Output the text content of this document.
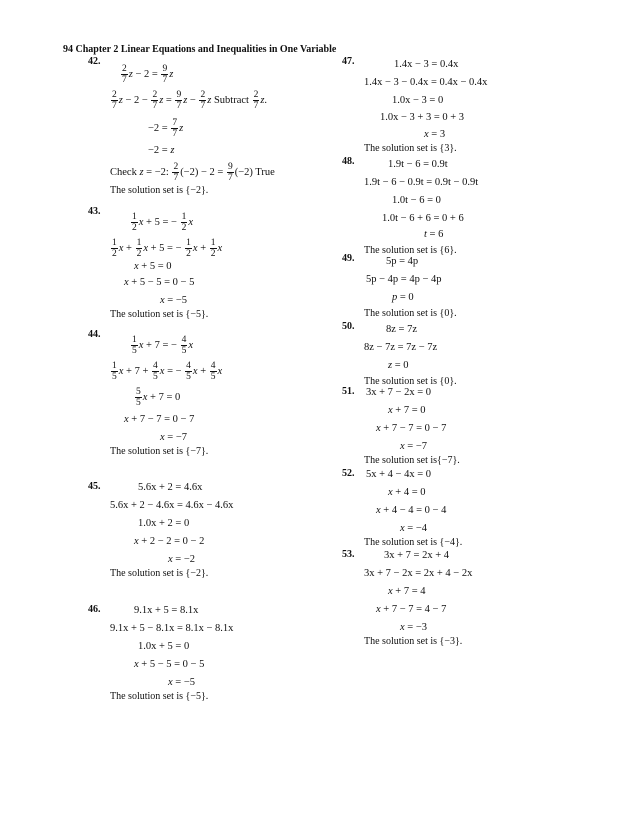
94 Chapter 2 Linear Equations and Inequalities in One Variable
42.
$\frac{2}{7}$ $z - 2 = \frac{9}{7}$ z
$\frac{2}{7}$ $z - 2 - \frac{2}{7}$ $z = \frac{9}{7}$ $z - \frac{2}{7}$ z Subtract $\frac{2}{7} z$.
$-2 = \frac{7}{7}$ z
−2 = z
Check z = −2: $\frac{2}{7} (-2) - 2 = \frac{9}{7} (-2)$ True
The solution set is {−2}.
43.
$\frac{1}{2}$ x + 5 = − $\frac{1}{2}$ x
$\frac{1}{2}$ $x + \frac{1}{2}$ x + 5 = − $\frac{1}{2}$ $x + \frac{1}{2}$ x
x + 5 = 0
x + 5 − 5 = 0 − 5
x = −5
The solution set is {−5}.
44.
$\frac{1}{5}$ x + 7 = − $\frac{4}{5}$ x
$\frac{1}{5}$ $x + 7 + \frac{4}{5}$ x = − $\frac{4}{5}$ $x + \frac{4}{5}$ x
$\frac{5}{5}$ x + 7 = 0
x + 7 − 7 = 0 − 7
x = −7
The solution set is {−7}.
45.	5.6x + 2 = 4.6x
5.6x + 2 − 4.6x = 4.6x − 4.6x
1.0x + 2 = 0
x + 2 − 2 = 0 − 2
x = −2
The solution set is {−2}.
46.	9.1x + 5 = 8.1x
9.1x + 5 − 8.1x = 8.1x − 8.1x
1.0x + 5 = 0
x + 5 − 5 = 0 − 5
x = −5
The solution set is {−5}.
47.	1.4x − 3 = 0.4x
1.4x − 3 − 0.4x = 0.4x − 0.4x
1.0x − 3 = 0
1.0x − 3 + 3 = 0 + 3
x = 3
The solution set is {3}.
48.	1.9t − 6 = 0.9t
1.9t − 6 − 0.9t = 0.9t − 0.9t
1.0t − 6 = 0
1.0t − 6 + 6 = 0 + 6
t = 6
The solution set is {6}.
49.	5p = 4p
5p − 4p = 4p − 4p
p = 0
The solution set is {0}.
50.	8z = 7z
8z − 7z = 7z − 7z
z = 0
The solution set is {0}.
51. 3x + 7 − 2x = 0
x + 7 = 0
x + 7 − 7 = 0 − 7
x = −7
The solution set is{−7}.
52. 5x + 4 − 4x = 0
x + 4 = 0
x + 4 − 4 = 0 − 4
x = −4
The solution set is {−4}.
53.	3x + 7 = 2x + 4
3x + 7 − 2x = 2x + 4 − 2x
x + 7 = 4
x + 7 − 7 = 4 − 7
x = −3
The solution set is {−3}.
